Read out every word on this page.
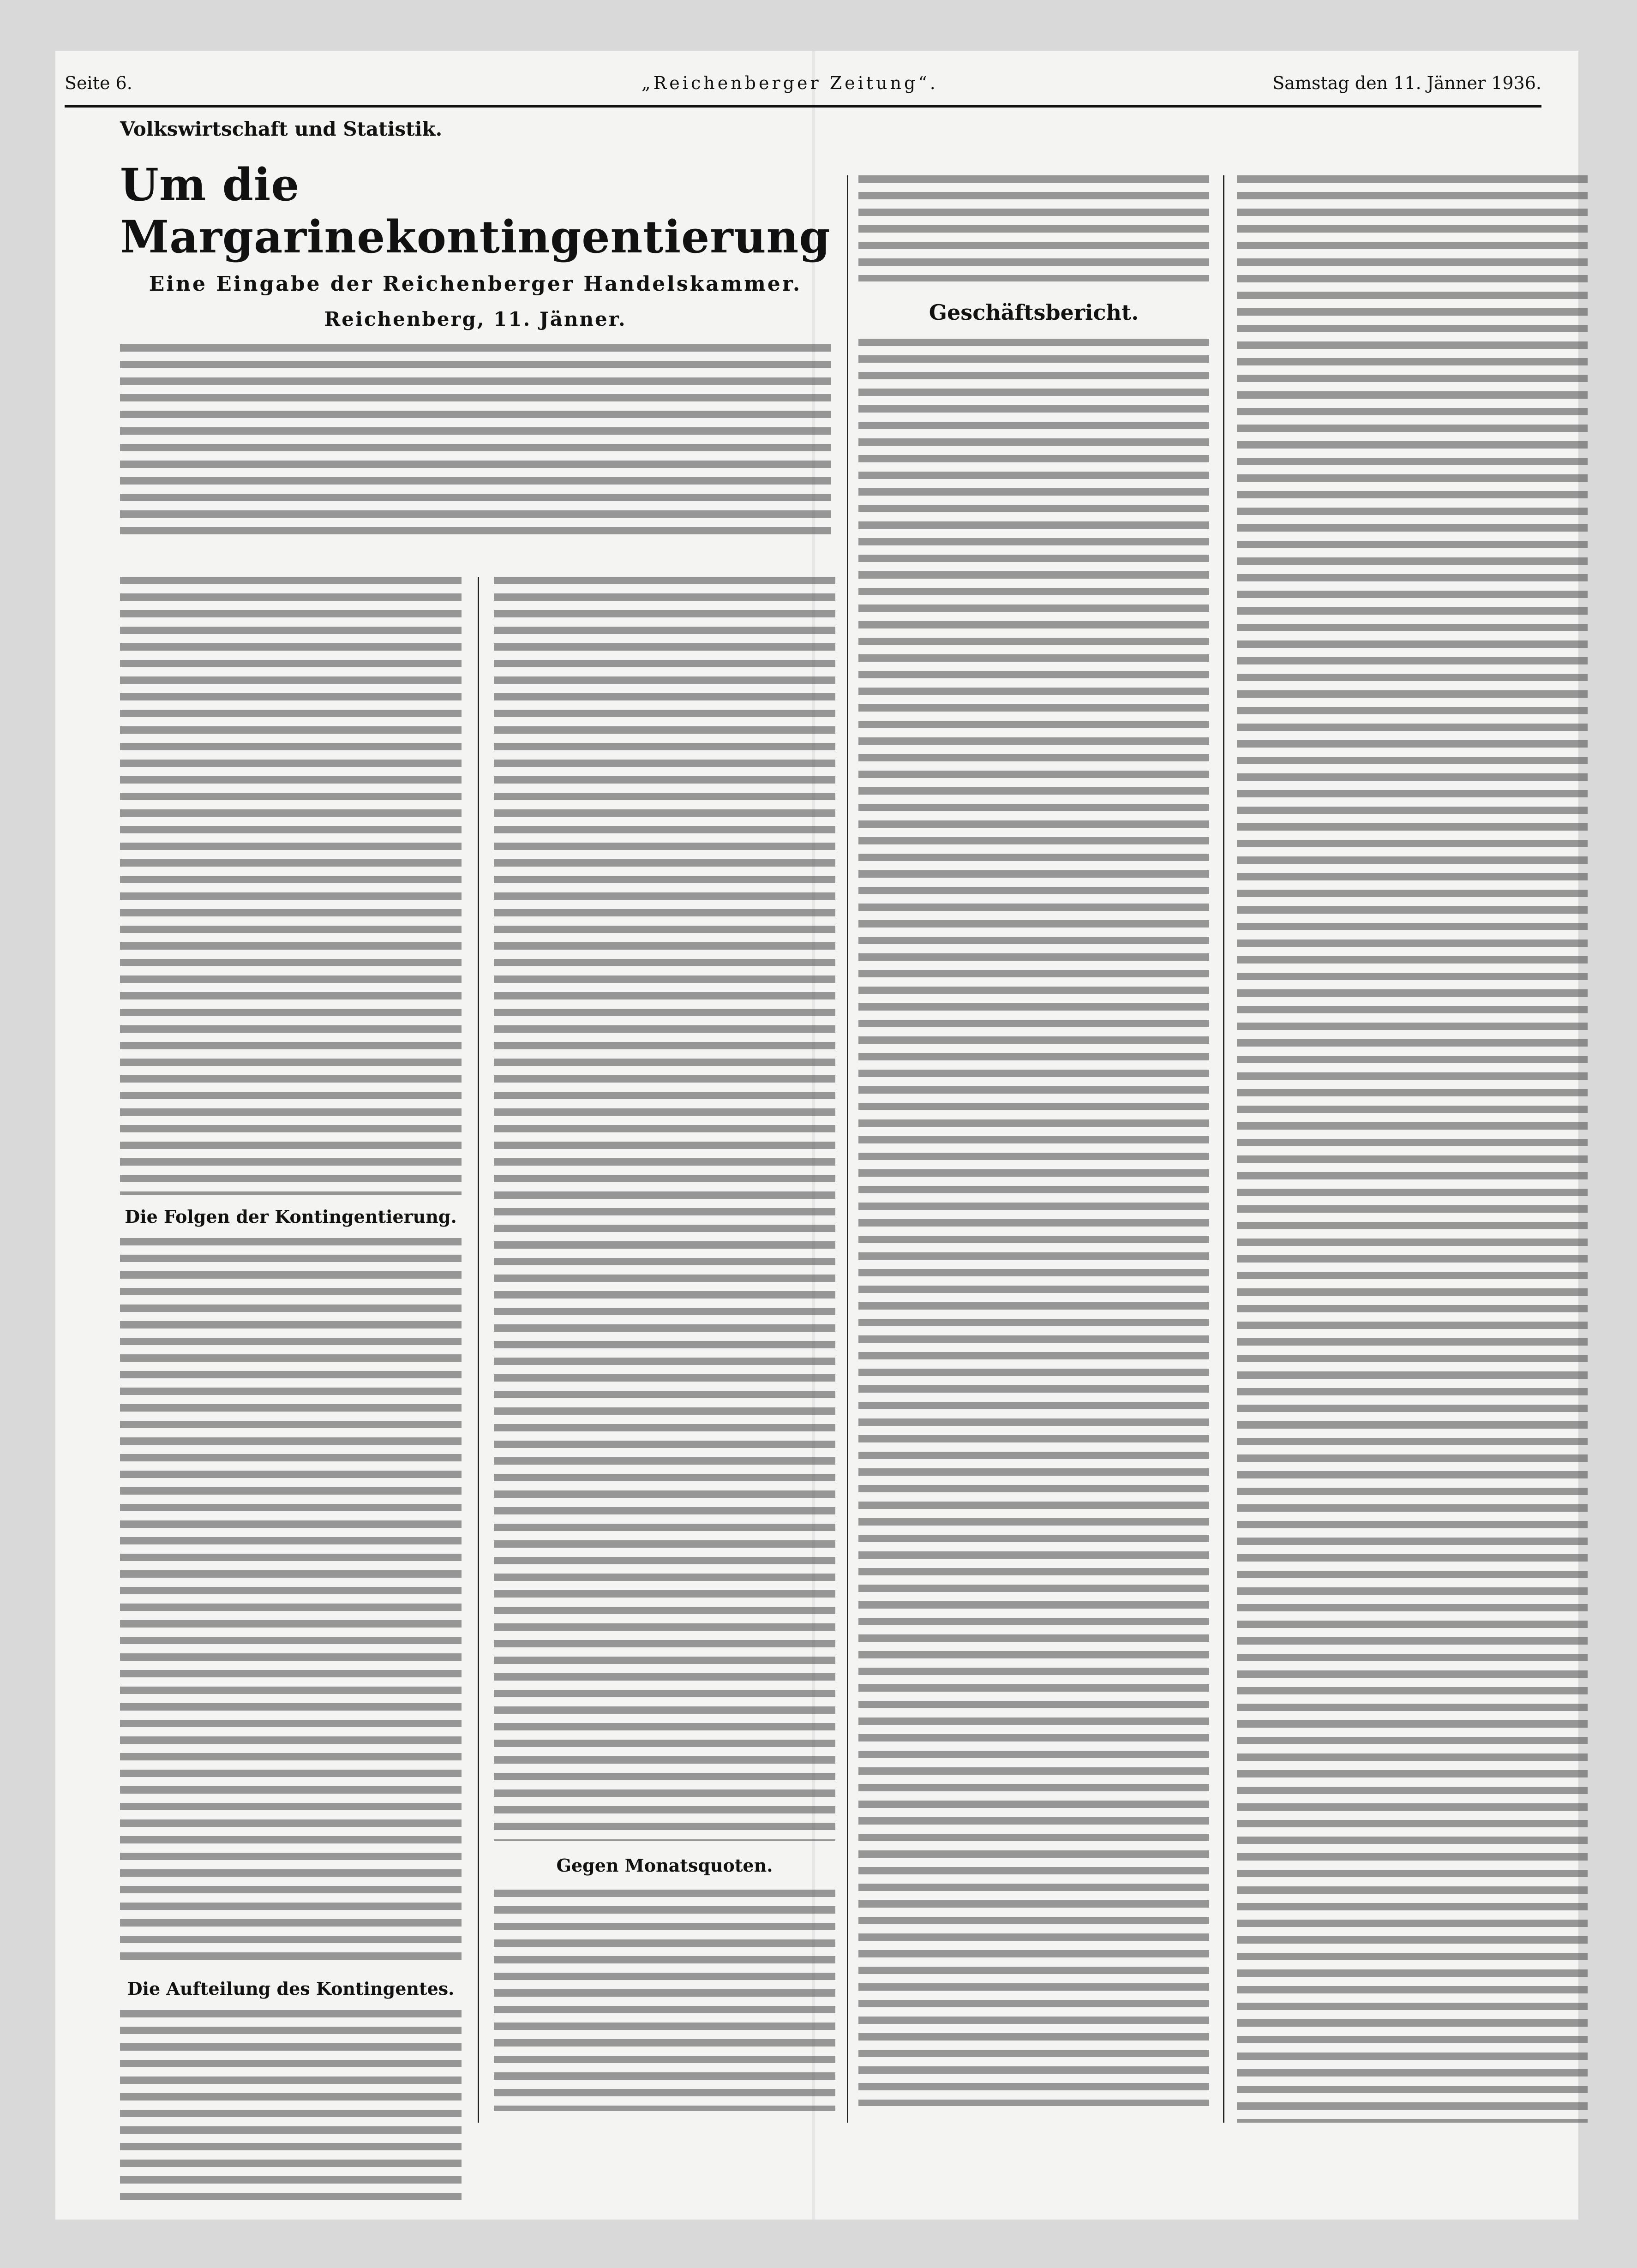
Seite 6.	„Reichenberger Zeitung“.	Samstag den 11. Jänner 1936.
Volkswirtschaft und Statistik.
Um die Margarinekontingentierung
Eine Eingabe der Reichenberger Handelskammer.
Reichenberg, 11. Jänner.
Die Folgen der Kontingentierung.
Die Aufteilung des Kontingentes.
Gegen Monatsquoten.
Geschäftsbericht.
